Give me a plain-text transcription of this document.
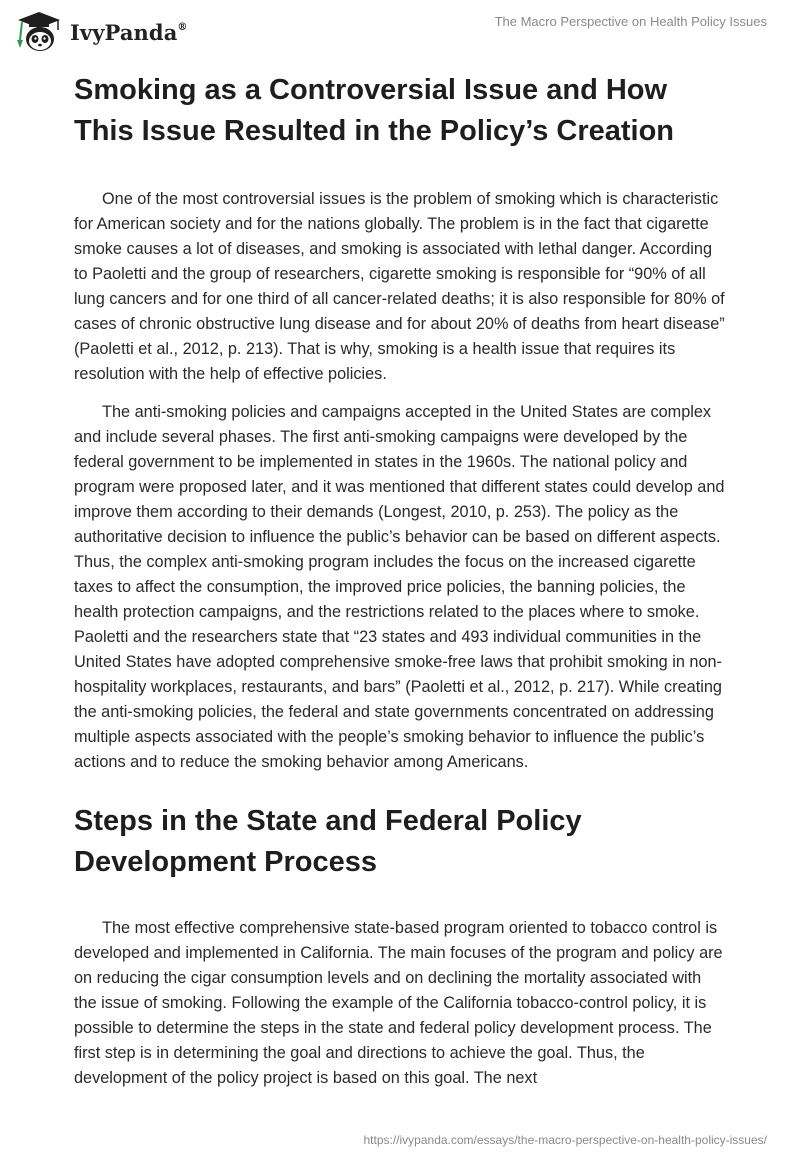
IvyPanda®	The Macro Perspective on Health Policy Issues
Smoking as a Controversial Issue and How This Issue Resulted in the Policy’s Creation

One of the most controversial issues is the problem of smoking which is characteristic for American society and for the nations globally. The problem is in the fact that cigarette smoke causes a lot of diseases, and smoking is associated with lethal danger. According to Paoletti and the group of researchers, cigarette smoking is responsible for “90% of all lung cancers and for one third of all cancer-related deaths; it is also responsible for 80% of cases of chronic obstructive lung disease and for about 20% of deaths from heart disease” (Paoletti et al., 2012, p. 213). That is why, smoking is a health issue that requires its resolution with the help of effective policies.

The anti-smoking policies and campaigns accepted in the United States are complex and include several phases. The first anti-smoking campaigns were developed by the federal government to be implemented in states in the 1960s. The national policy and program were proposed later, and it was mentioned that different states could develop and improve them according to their demands (Longest, 2010, p. 253). The policy as the authoritative decision to influence the public’s behavior can be based on different aspects. Thus, the complex anti-smoking program includes the focus on the increased cigarette taxes to affect the consumption, the improved price policies, the banning policies, the health protection campaigns, and the restrictions related to the places where to smoke. Paoletti and the researchers state that “23 states and 493 individual communities in the United States have adopted comprehensive smoke-free laws that prohibit smoking in non-hospitality workplaces, restaurants, and bars” (Paoletti et al., 2012, p. 217). While creating the anti-smoking policies, the federal and state governments concentrated on addressing multiple aspects associated with the people’s smoking behavior to influence the public’s actions and to reduce the smoking behavior among Americans.

Steps in the State and Federal Policy Development Process

The most effective comprehensive state-based program oriented to tobacco control is developed and implemented in California. The main focuses of the program and policy are on reducing the cigar consumption levels and on declining the mortality associated with the issue of smoking. Following the example of the California tobacco-control policy, it is possible to determine the steps in the state and federal policy development process. The first step is in determining the goal and directions to achieve the goal. Thus, the development of the policy project is based on this goal. The next

https://ivypanda.com/essays/the-macro-perspective-on-health-policy-issues/
